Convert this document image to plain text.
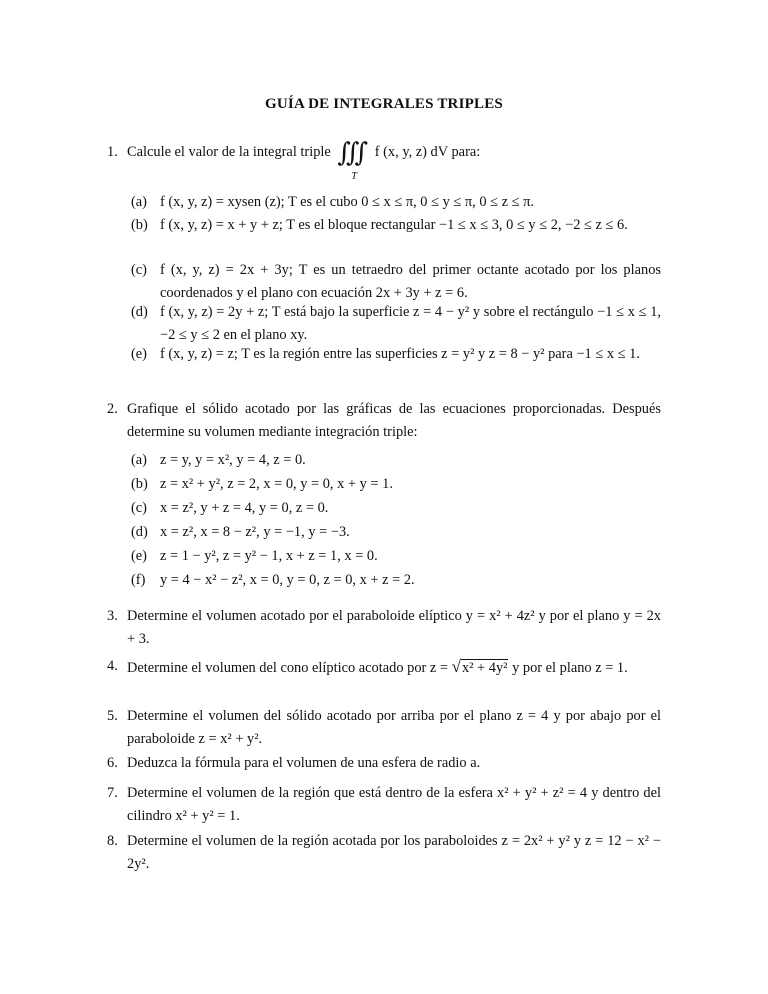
GUÍA DE INTEGRALES TRIPLES
1. Calcule el valor de la integral triple ∭
T
f (x, y, z) dV para:
(a) f (x, y, z) = xysen (z); T es el cubo 0 ≤ x ≤ π, 0 ≤ y ≤ π, 0 ≤ z ≤ π.
(b) f (x, y, z) = x + y + z; T es el bloque rectangular −1 ≤ x ≤ 3, 0 ≤ y ≤ 2, −2 ≤ z ≤ 6.
(c) f (x, y, z) = 2x + 3y; T es un tetraedro del primer octante acotado por los planos coordenados y el plano con ecuación 2x + 3y + z = 6.
(d) f (x, y, z) = 2y + z; T está bajo la superficie z = 4 − y² y sobre el rectángulo −1 ≤ x ≤ 1, −2 ≤ y ≤ 2 en el plano xy.
(e) f (x, y, z) = z; T es la región entre las superficies z = y² y z = 8 − y² para −1 ≤ x ≤ 1.
2. Grafique el sólido acotado por las gráficas de las ecuaciones proporcionadas. Después determine su volumen mediante integración triple:
(a) z = y, y = x², y = 4, z = 0.
(b) z = x² + y², z = 2, x = 0, y = 0, x + y = 1.
(c) x = z², y + z = 4, y = 0, z = 0.
(d) x = z², x = 8 − z², y = −1, y = −3.
(e) z = 1 − y², z = y² − 1, x + z = 1, x = 0.
(f) y = 4 − x² − z², x = 0, y = 0, z = 0, x + z = 2.
3. Determine el volumen acotado por el paraboloide elíptico y = x² + 4z² y por el plano y = 2x + 3.
4. Determine el volumen del cono elíptico acotado por z = √x² + 4y² y por el plano z = 1.
5. Determine el volumen del sólido acotado por arriba por el plano z = 4 y por abajo por el paraboloide z = x² + y².
6. Deduzca la fórmula para el volumen de una esfera de radio a.
7. Determine el volumen de la región que está dentro de la esfera x² + y² + z² = 4 y dentro del cilindro x² + y² = 1.
8. Determine el volumen de la región acotada por los paraboloides z = 2x² + y² y z = 12 − x² − 2y².
